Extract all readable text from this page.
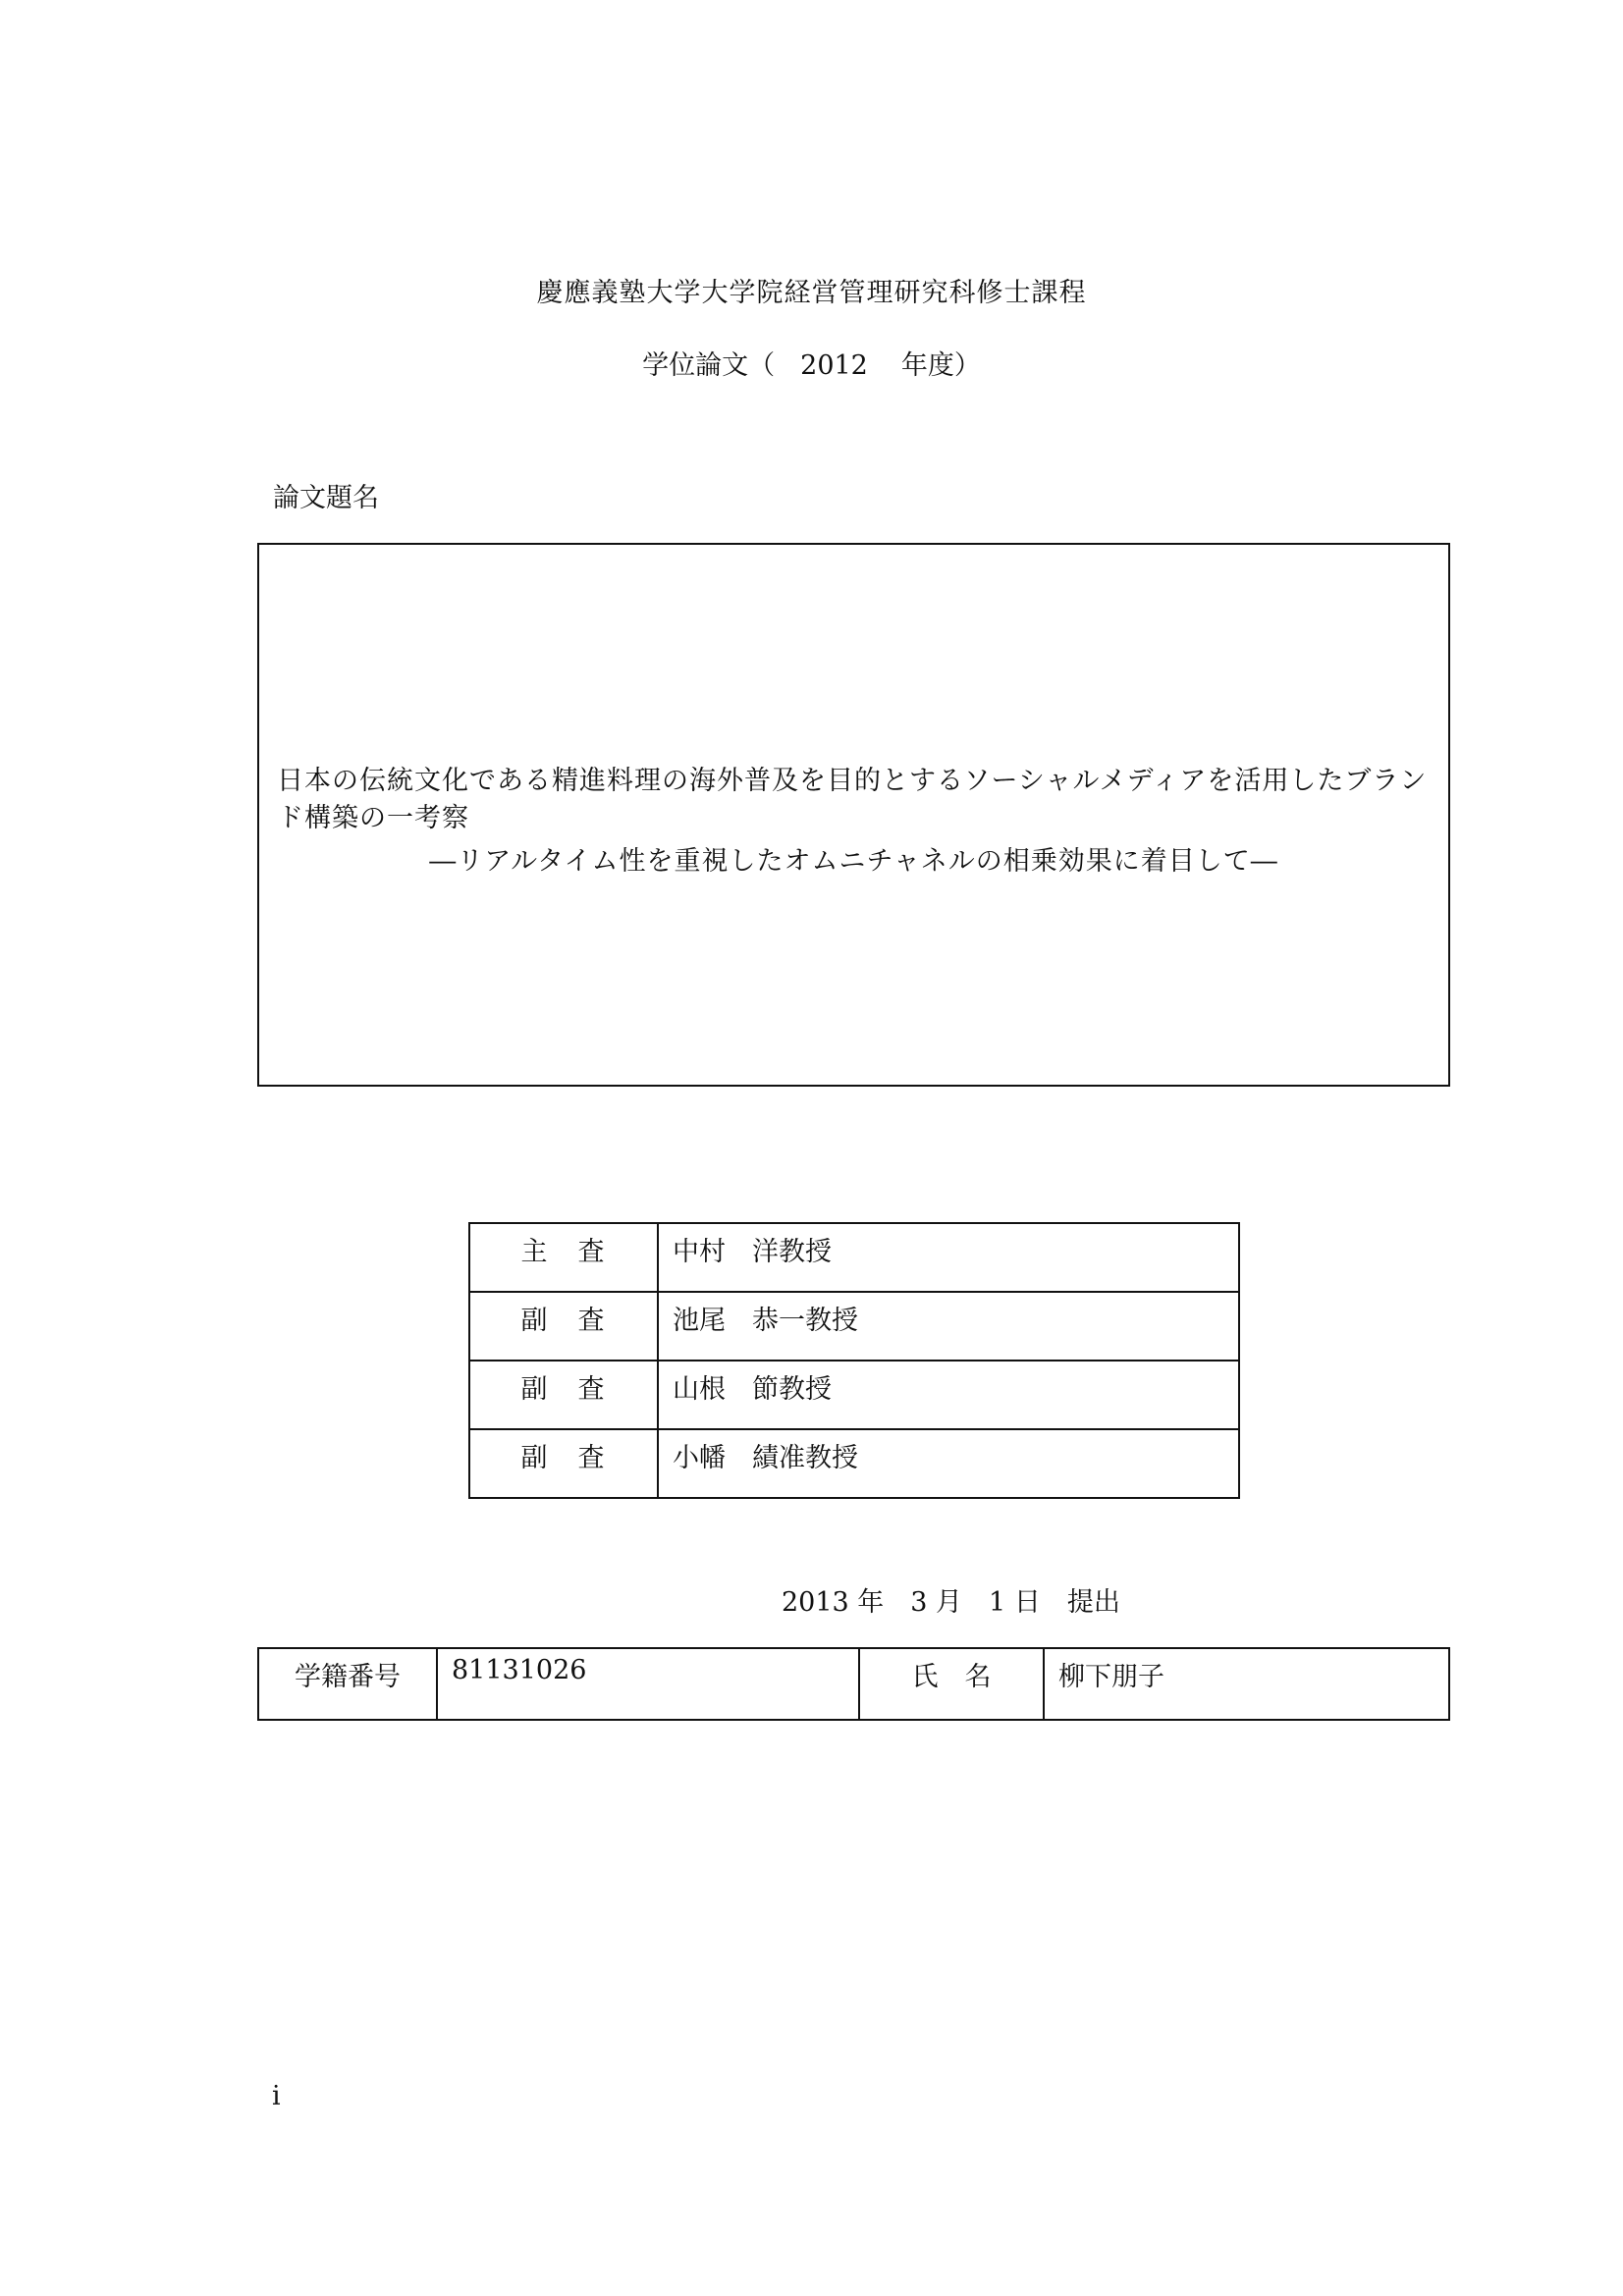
慶應義塾大学大学院経営管理研究科修士課程
学位論文（ 2012 年度）
論文題名
日本の伝統文化である精進料理の海外普及を目的とするソーシャルメディアを活用したブランド構築の一考察
―リアルタイム性を重視したオムニチャネルの相乗効果に着目して―
主　査	中村　洋教授
副　査	池尾　恭一教授
副　査	山根　節教授
副　査	小幡　績准教授
2013 年　3 月　1 日　提出
学籍番号	81131026	氏　名	柳下朋子
i
